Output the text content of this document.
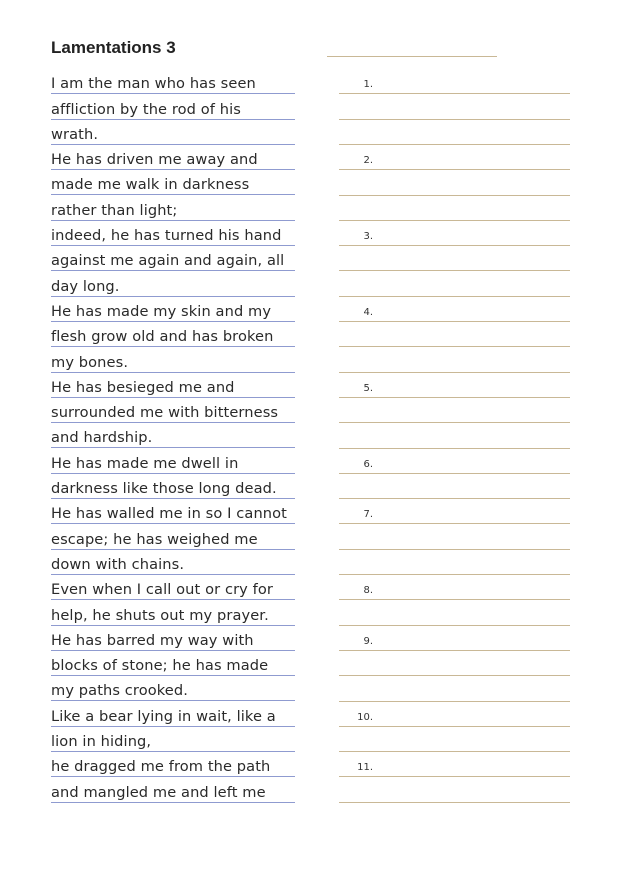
Lamentations 3
I am the man who has seen	1.
affliction by the rod of his
wrath.
He has driven me away and	2.
made me walk in darkness
rather than light;
indeed, he has turned his hand	3.
against me again and again, all
day long.
He has made my skin and my	4.
flesh grow old and has broken
my bones.
He has besieged me and	5.
surrounded me with bitterness
and hardship.
He has made me dwell in	6.
darkness like those long dead.
He has walled me in so I cannot	7.
escape; he has weighed me
down with chains.
Even when I call out or cry for	8.
help, he shuts out my prayer.
He has barred my way with	9.
blocks of stone; he has made
my paths crooked.
Like a bear lying in wait, like a	10.
lion in hiding,
he dragged me from the path	11.
and mangled me and left me
